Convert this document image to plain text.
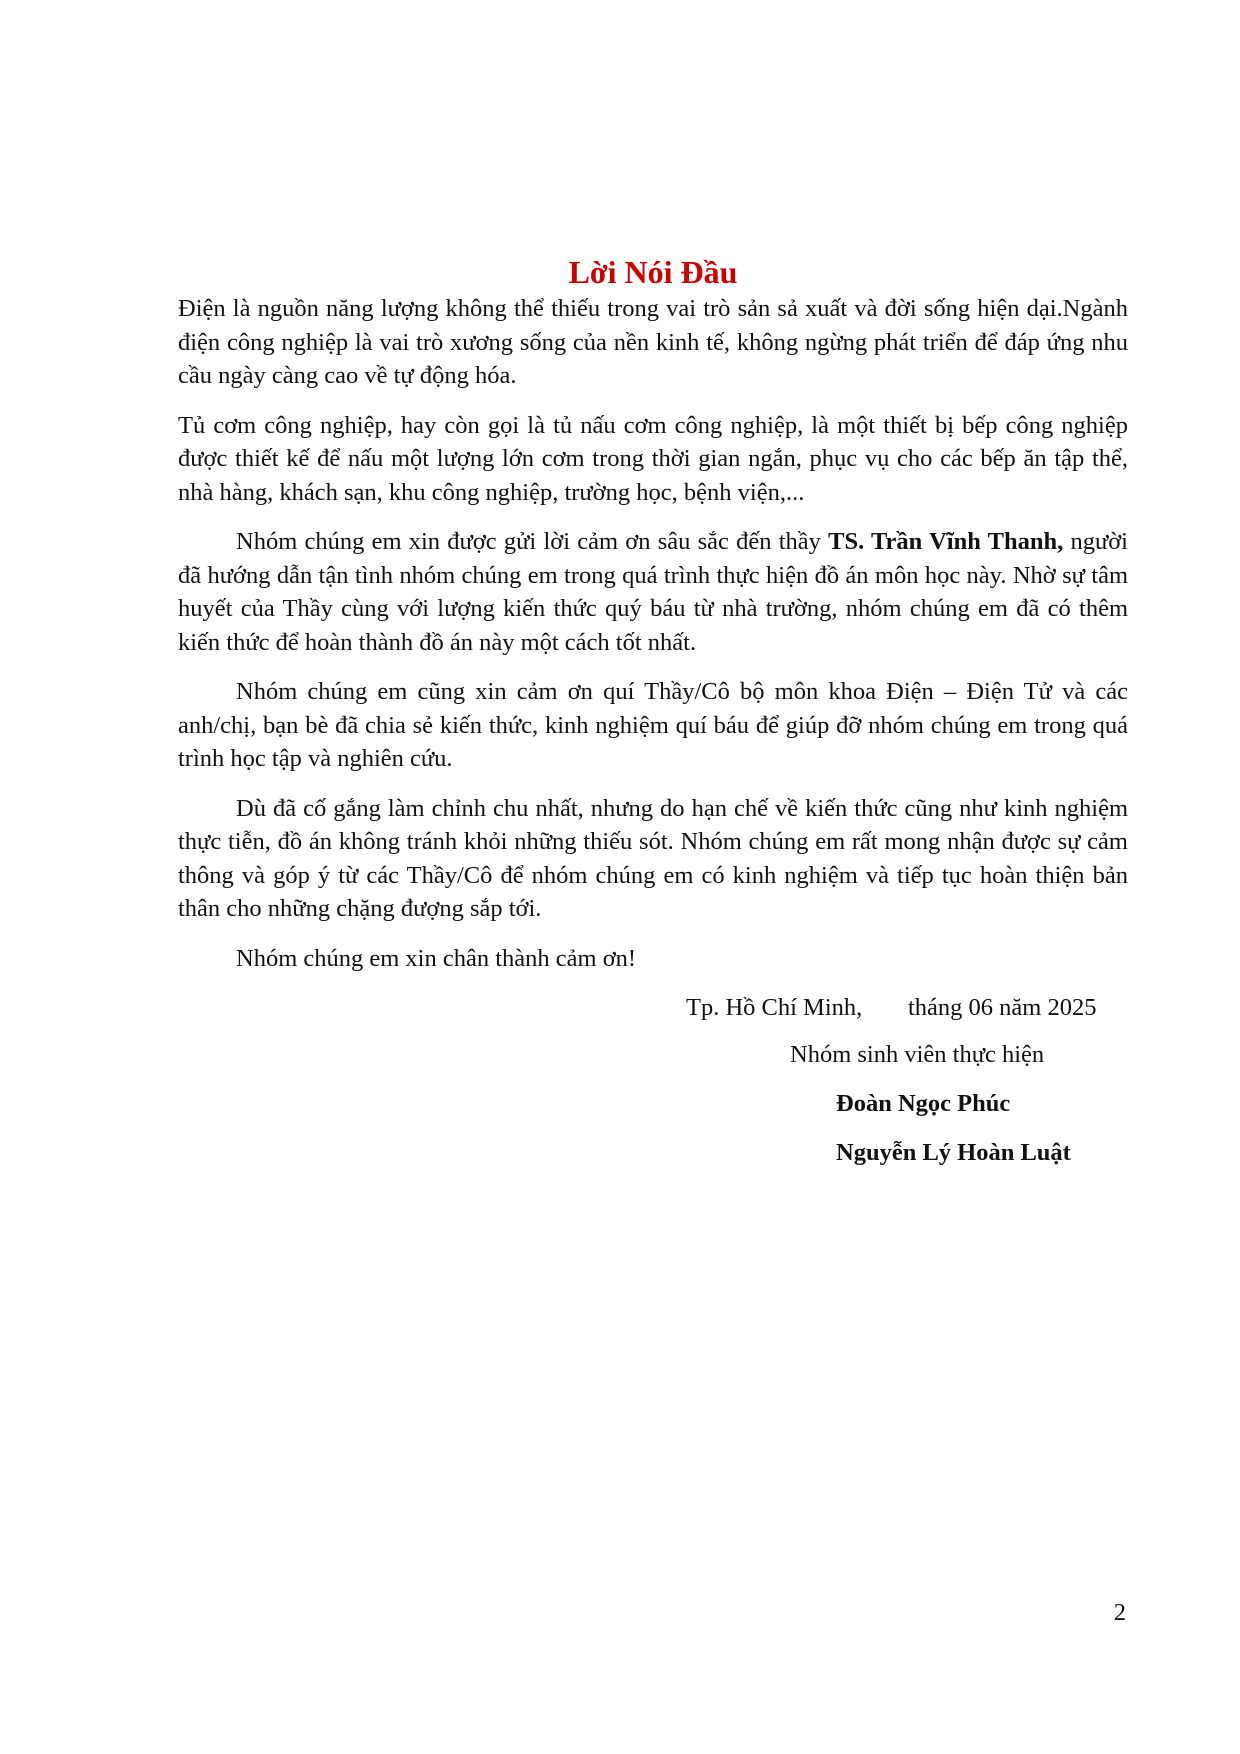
Lời Nói Đầu

Điện là nguồn năng lượng không thể thiếu trong vai trò sản sả xuất và đời sống hiện dại.Ngành điện công nghiệp là vai trò xương sống của nền kinh tế, không ngừng phát triển để đáp ứng nhu cầu ngày càng cao về tự động hóa.

Tủ cơm công nghiệp, hay còn gọi là tủ nấu cơm công nghiệp, là một thiết bị bếp công nghiệp được thiết kế để nấu một lượng lớn cơm trong thời gian ngắn, phục vụ cho các bếp ăn tập thể, nhà hàng, khách sạn, khu công nghiệp, trường học, bệnh viện,...

Nhóm chúng em xin được gửi lời cảm ơn sâu sắc đến thầy TS. Trần Vĩnh Thanh, người đã hướng dẫn tận tình nhóm chúng em trong quá trình thực hiện đồ án môn học này. Nhờ sự tâm huyết của Thầy cùng với lượng kiến thức quý báu từ nhà trường, nhóm chúng em đã có thêm kiến thức để hoàn thành đồ án này một cách tốt nhất.

Nhóm chúng em cũng xin cảm ơn quí Thầy/Cô bộ môn khoa Điện – Điện Tử và các anh/chị, bạn bè đã chia sẻ kiến thức, kinh nghiệm quí báu để giúp đỡ nhóm chúng em trong quá trình học tập và nghiên cứu.

Dù đã cố gắng làm chỉnh chu nhất, nhưng do hạn chế về kiến thức cũng như kinh nghiệm thực tiễn, đồ án không tránh khỏi những thiếu sót. Nhóm chúng em rất mong nhận được sự cảm thông và góp ý từ các Thầy/Cô để nhóm chúng em có kinh nghiệm và tiếp tục hoàn thiện bản thân cho những chặng đượng sắp tới.

Nhóm chúng em xin chân thành cảm ơn!

Tp. Hồ Chí Minh, tháng 06 năm 2025
Nhóm sinh viên thực hiện
Đoàn Ngọc Phúc
Nguyễn Lý Hoàn Luật
2
